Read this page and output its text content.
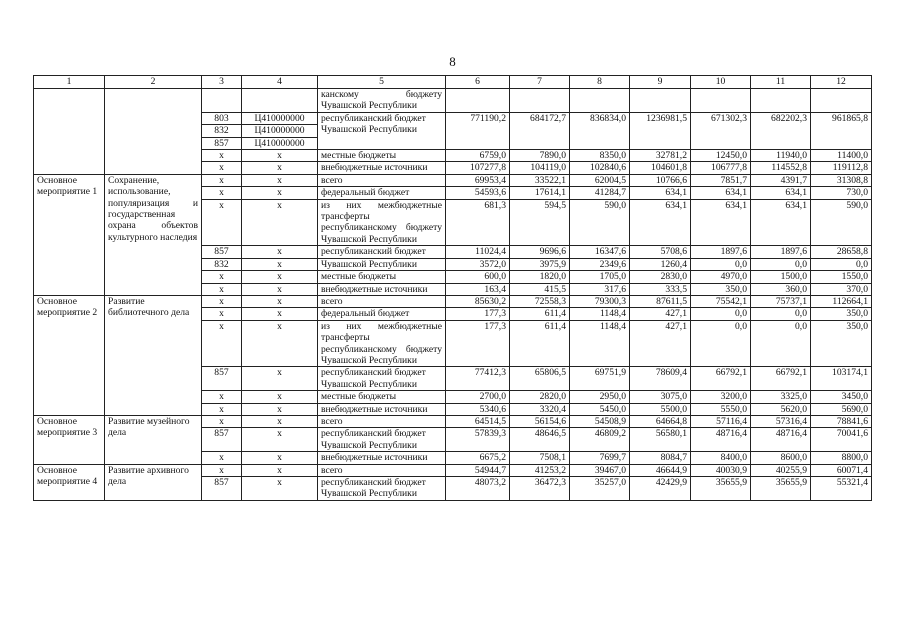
8
1	2	3	4	5	6	7	8	9	10	11	12
				канскому бюджету Чувашской Республики							
		803	Ц410000000	республиканский бюджет Чувашской Республики	771190,2	684172,7	836834,0	1236981,5	671302,3	682202,3	961865,8
		832	Ц410000000								
		857	Ц410000000								
		x	x	местные бюджеты	6759,0	7890,0	8350,0	32781,2	12450,0	11940,0	11400,0
		x	x	внебюджетные источники	107277,8	104119,0	102840,6	104601,8	106777,8	114552,8	119112,8
Основное мероприятие 1	Сохранение, использование, популяризация и государственная охрана объектов культурного наследия	x	x	всего	69953,4	33522,1	62004,5	10766,6	7851,7	4391,7	31308,8
		x	x	федеральный бюджет	54593,6	17614,1	41284,7	634,1	634,1	634,1	730,0
		x	x	из них межбюджетные трансферты республиканскому бюджету Чувашской Республики	681,3	594,5	590,0	634,1	634,1	634,1	590,0
		857	x	республиканский бюджет	11024,4	9696,6	16347,6	5708,6	1897,6	1897,6	28658,8
		832	x	Чувашской Республики	3572,0	3975,9	2349,6	1260,4	0,0	0,0	0,0
		x	x	местные бюджеты	600,0	1820,0	1705,0	2830,0	4970,0	1500,0	1550,0
		x	x	внебюджетные источники	163,4	415,5	317,6	333,5	350,0	360,0	370,0
Основное мероприятие 2	Развитие библиотечного дела	x	x	всего	85630,2	72558,3	79300,3	87611,5	75542,1	75737,1	112664,1
		x	x	федеральный бюджет	177,3	611,4	1148,4	427,1	0,0	0,0	350,0
		x	x	из них межбюджетные трансферты республиканскому бюджету Чувашской Республики	177,3	611,4	1148,4	427,1	0,0	0,0	350,0
		857	x	республиканский бюджет Чувашской Республики	77412,3	65806,5	69751,9	78609,4	66792,1	66792,1	103174,1
		x	x	местные бюджеты	2700,0	2820,0	2950,0	3075,0	3200,0	3325,0	3450,0
		x	x	внебюджетные источники	5340,6	3320,4	5450,0	5500,0	5550,0	5620,0	5690,0
Основное мероприятие 3	Развитие музейного дела	x	x	всего	64514,5	56154,6	54508,9	64664,8	57116,4	57316,4	78841,6
		857	x	республиканский бюджет Чувашской Республики	57839,3	48646,5	46809,2	56580,1	48716,4	48716,4	70041,6
		x	x	внебюджетные источники	6675,2	7508,1	7699,7	8084,7	8400,0	8600,0	8800,0
Основное мероприятие 4	Развитие архивного дела	x	x	всего	54944,7	41253,2	39467,0	46644,9	40030,9	40255,9	60071,4
		857	x	республиканский бюджет Чувашской Республики	48073,2	36472,3	35257,0	42429,9	35655,9	35655,9	55321,4
